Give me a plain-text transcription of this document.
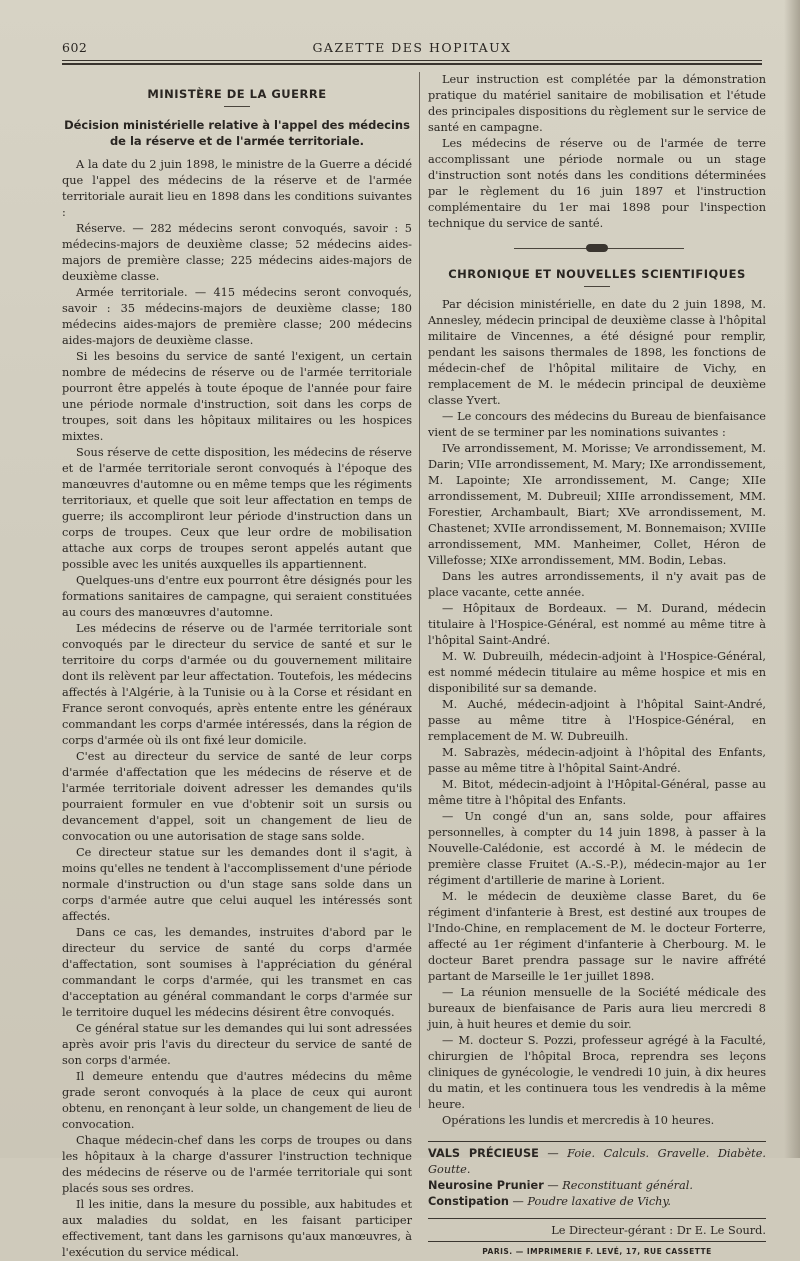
602	GAZETTE DES HOPITAUX
MINISTÈRE DE LA GUERRE
Décision ministérielle relative à l'appel des médecins de la réserve et de l'armée territoriale.

A la date du 2 juin 1898, le ministre de la Guerre a décidé que l'appel des médecins de la réserve et de l'armée territoriale aurait lieu en 1898 dans les conditions suivantes :

Réserve. — 282 médecins seront convoqués, savoir : 5 médecins-majors de deuxième classe; 52 médecins aides-majors de première classe; 225 médecins aides-majors de deuxième classe.

Armée territoriale. — 415 médecins seront convoqués, savoir : 35 médecins-majors de deuxième classe; 180 médecins aides-majors de première classe; 200 médecins aides-majors de deuxième classe.

Si les besoins du service de santé l'exigent, un certain nombre de médecins de réserve ou de l'armée territoriale pourront être appelés à toute époque de l'année pour faire une période normale d'instruction, soit dans les corps de troupes, soit dans les hôpitaux militaires ou les hospices mixtes.

Sous réserve de cette disposition, les médecins de réserve et de l'armée territoriale seront convoqués à l'époque des manœuvres d'automne ou en même temps que les régiments territoriaux, et quelle que soit leur affectation en temps de guerre; ils accompliront leur période d'instruction dans un corps de troupes. Ceux que leur ordre de mobilisation attache aux corps de troupes seront appelés autant que possible avec les unités auxquelles ils appartiennent.

Quelques-uns d'entre eux pourront être désignés pour les formations sanitaires de campagne, qui seraient constituées au cours des manœuvres d'automne.

Les médecins de réserve ou de l'armée territoriale sont convoqués par le directeur du service de santé et sur le territoire du corps d'armée ou du gouvernement militaire dont ils relèvent par leur affectation. Toutefois, les médecins affectés à l'Algérie, à la Tunisie ou à la Corse et résidant en France seront convoqués, après entente entre les généraux commandant les corps d'armée intéressés, dans la région de corps d'armée où ils ont fixé leur domicile.

C'est au directeur du service de santé de leur corps d'armée d'affectation que les médecins de réserve et de l'armée territoriale doivent adresser les demandes qu'ils pourraient formuler en vue d'obtenir soit un sursis ou devancement d'appel, soit un changement de lieu de convocation ou une autorisation de stage sans solde.

Ce directeur statue sur les demandes dont il s'agit, à moins qu'elles ne tendent à l'accomplissement d'une période normale d'instruction ou d'un stage sans solde dans un corps d'armée autre que celui auquel les intéressés sont affectés.

Dans ce cas, les demandes, instruites d'abord par le directeur du service de santé du corps d'armée d'affectation, sont soumises à l'appréciation du général commandant le corps d'armée, qui les transmet en cas d'acceptation au général commandant le corps d'armée sur le territoire duquel les médecins désirent être convoqués.

Ce général statue sur les demandes qui lui sont adressées après avoir pris l'avis du directeur du service de santé de son corps d'armée.

Il demeure entendu que d'autres médecins du même grade seront convoqués à la place de ceux qui auront obtenu, en renonçant à leur solde, un changement de lieu de convocation.

Chaque médecin-chef dans les corps de troupes ou dans les hôpitaux à la charge d'assurer l'instruction technique des médecins de réserve ou de l'armée territoriale qui sont placés sous ses ordres.

Il les initie, dans la mesure du possible, aux habitudes et aux maladies du soldat, en les faisant participer effectivement, tant dans les garnisons qu'aux manœuvres, à l'exécution du service médical.

Leur instruction est complétée par la démonstration pratique du matériel sanitaire de mobilisation et l'étude des principales dispositions du règlement sur le service de santé en campagne.

Les médecins de réserve ou de l'armée de terre accomplissant une période normale ou un stage d'instruction sont notés dans les conditions déterminées par le règlement du 16 juin 1897 et l'instruction complémentaire du 1er mai 1898 pour l'inspection technique du service de santé.

CHRONIQUE ET NOUVELLES SCIENTIFIQUES

Par décision ministérielle, en date du 2 juin 1898, M. Annesley, médecin principal de deuxième classe à l'hôpital militaire de Vincennes, a été désigné pour remplir, pendant les saisons thermales de 1898, les fonctions de médecin-chef de l'hôpital militaire de Vichy, en remplacement de M. le médecin principal de deuxième classe Yvert.

— Le concours des médecins du Bureau de bienfaisance vient de se terminer par les nominations suivantes :

IVe arrondissement, M. Morisse; Ve arrondissement, M. Darin; VIIe arrondissement, M. Mary; IXe arrondissement, M. Lapointe; XIe arrondissement, M. Cange; XIIe arrondissement, M. Dubreuil; XIIIe arrondissement, MM. Forestier, Archambault, Biart; XVe arrondissement, M. Chastenet; XVIIe arrondissement, M. Bonnemaison; XVIIIe arrondissement, MM. Manheimer, Collet, Héron de Villefosse; XIXe arrondissement, MM. Bodin, Lebas.

Dans les autres arrondissements, il n'y avait pas de place vacante, cette année.

— Hôpitaux de Bordeaux. — M. Durand, médecin titulaire à l'Hospice-Général, est nommé au même titre à l'hôpital Saint-André.

M. W. Dubreuilh, médecin-adjoint à l'Hospice-Général, est nommé médecin titulaire au même hospice et mis en disponibilité sur sa demande.

M. Auché, médecin-adjoint à l'hôpital Saint-André, passe au même titre à l'Hospice-Général, en remplacement de M. W. Dubreuilh.

M. Sabrazès, médecin-adjoint à l'hôpital des Enfants, passe au même titre à l'hôpital Saint-André.

M. Bitot, médecin-adjoint à l'Hôpital-Général, passe au même titre à l'hôpital des Enfants.

— Un congé d'un an, sans solde, pour affaires personnelles, à compter du 14 juin 1898, à passer à la Nouvelle-Calédonie, est accordé à M. le médecin de première classe Fruitet (A.-S.-P.), médecin-major au 1er régiment d'artillerie de marine à Lorient.

M. le médecin de deuxième classe Baret, du 6e régiment d'infanterie à Brest, est destiné aux troupes de l'Indo-Chine, en remplacement de M. le docteur Forterre, affecté au 1er régiment d'infanterie à Cherbourg. M. le docteur Baret prendra passage sur le navire affrété partant de Marseille le 1er juillet 1898.

— La réunion mensuelle de la Société médicale des bureaux de bienfaisance de Paris aura lieu mercredi 8 juin, à huit heures et demie du soir.

— M. docteur S. Pozzi, professeur agrégé à la Faculté, chirurgien de l'hôpital Broca, reprendra ses leçons cliniques de gynécologie, le vendredi 10 juin, à dix heures du matin, et les continuera tous les vendredis à la même heure.

Opérations les lundis et mercredis à 10 heures.

VALS PRÉCIEUSE — Foie. Calculs. Gravelle. Diabète. Goutte.

Neurosine Prunier — Reconstituant général.

Constipation — Poudre laxative de Vichy.

Le Directeur-gérant : Dr E. Le Sourd.
PARIS. — IMPRIMERIE F. LEVÉ, 17, RUE CASSETTE
